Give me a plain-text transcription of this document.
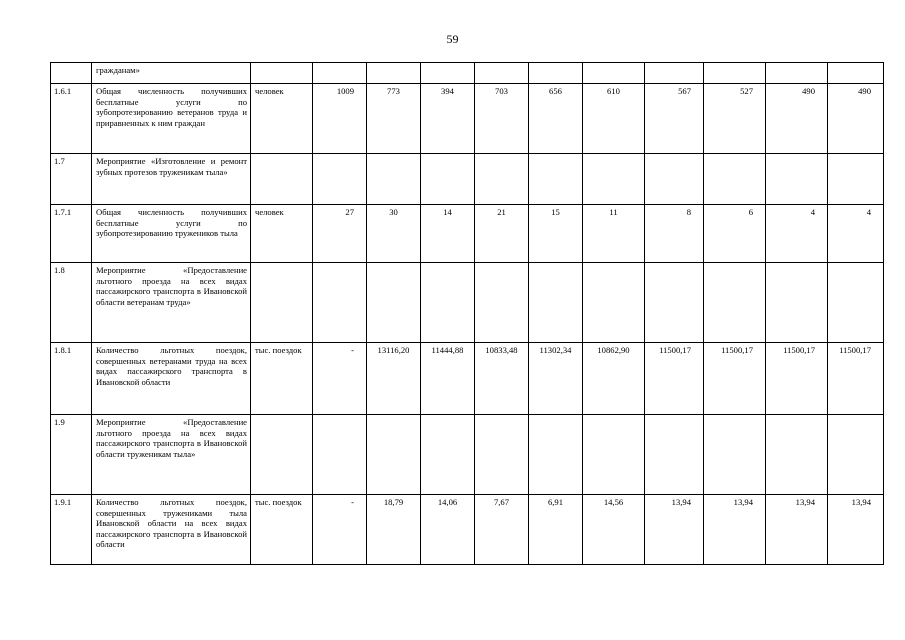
59
	гражданам»											
1.6.1	Общая численность получивших бесплатные услуги по зубопротезированию ветеранов труда и приравненных к ним граждан	человек	1009	773	394	703	656	610	567	527	490	490
1.7	Мероприятие «Изготовление и ремонт зубных протезов труженикам тыла»											
1.7.1	Общая численность получивших бесплатные услуги по зубопротезированию тружеников тыла	человек	27	30	14	21	15	11	8	6	4	4
1.8	Мероприятие «Предоставление льготного проезда на всех видах пассажирского транспорта в Ивановской области ветеранам труда»											
1.8.1	Количество льготных поездок, совершенных ветеранами труда на всех видах пассажирского транспорта в Ивановской области	тыс. поездок	-	13116,20	11444,88	10833,48	11302,34	10862,90	11500,17	11500,17	11500,17	11500,17
1.9	Мероприятие «Предоставление льготного проезда на всех видах пассажирского транспорта в Ивановской области труженикам тыла»											
1.9.1	Количество льготных поездок, совершенных тружениками тыла Ивановской области на всех видах пассажирского транспорта в Ивановской области	тыс. поездок	-	18,79	14,06	7,67	6,91	14,56	13,94	13,94	13,94	13,94
